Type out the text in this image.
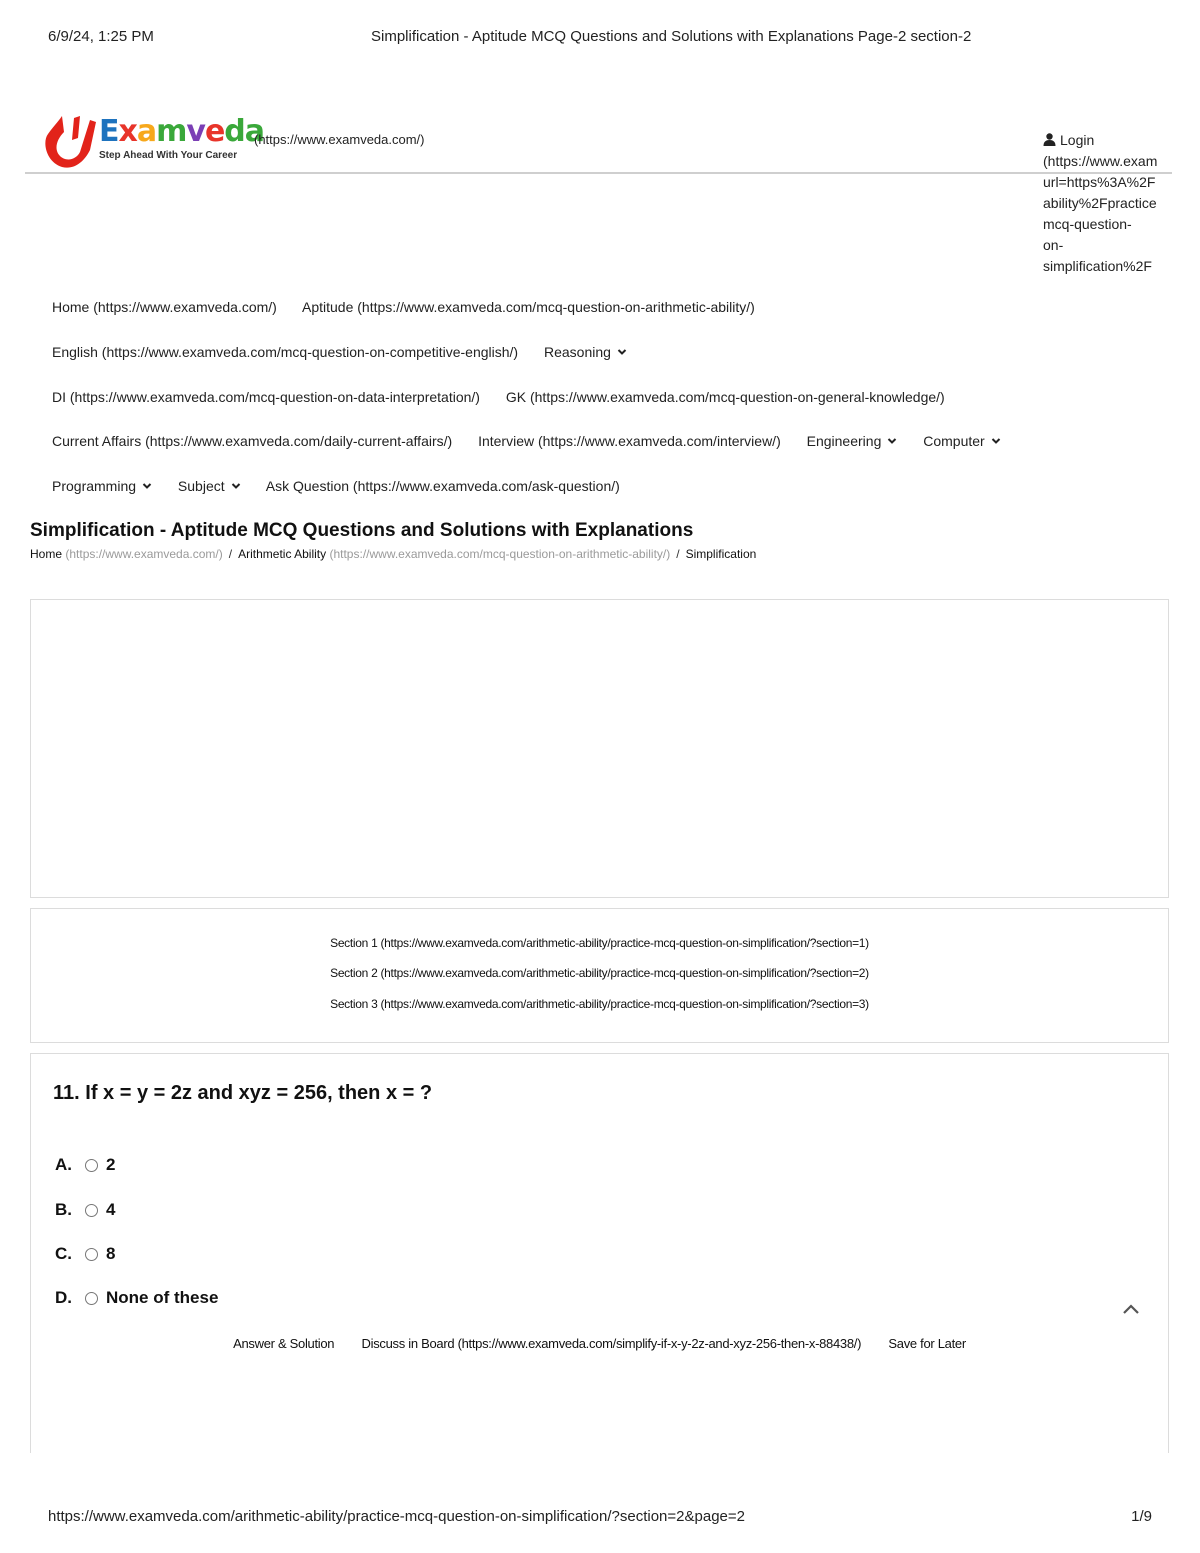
6/9/24, 1:25 PM	Simplification - Aptitude MCQ Questions and Solutions with Explanations Page-2 section-2
Examveda
Step Ahead With Your Career
(https://www.examveda.com/)	Login
(https://www.exam
url=https%3A%2F
ability%2Fpractice
mcq-question-
on-
simplification%2F
Home (https://www.examveda.com/) Aptitude (https://www.examveda.com/mcq-question-on-arithmetic-ability/)
English (https://www.examveda.com/mcq-question-on-competitive-english/) Reasoning
DI (https://www.examveda.com/mcq-question-on-data-interpretation/) GK (https://www.examveda.com/mcq-question-on-general-knowledge/)
Current Affairs (https://www.examveda.com/daily-current-affairs/) Interview (https://www.examveda.com/interview/) Engineering	Computer
Programming	Subject	Ask Question (https://www.examveda.com/ask-question/)
Simplification - Aptitude MCQ Questions and Solutions with Explanations
Home (https://www.examveda.com/) / Arithmetic Ability (https://www.examveda.com/mcq-question-on-arithmetic-ability/) / Simplification
Section 1 (https://www.examveda.com/arithmetic-ability/practice-mcq-question-on-simplification/?section=1)
Section 2 (https://www.examveda.com/arithmetic-ability/practice-mcq-question-on-simplification/?section=2)
Section 3 (https://www.examveda.com/arithmetic-ability/practice-mcq-question-on-simplification/?section=3)
11. If x = y = 2z and xyz = 256, then x = ?
A. 2
B. 4
C. 8
D. None of these
Answer & Solution Discuss in Board (https://www.examveda.com/simplify-if-x-y-2z-and-xyz-256-then-x-88438/) Save for Later
https://www.examveda.com/arithmetic-ability/practice-mcq-question-on-simplification/?section=2&page=2	1/9
